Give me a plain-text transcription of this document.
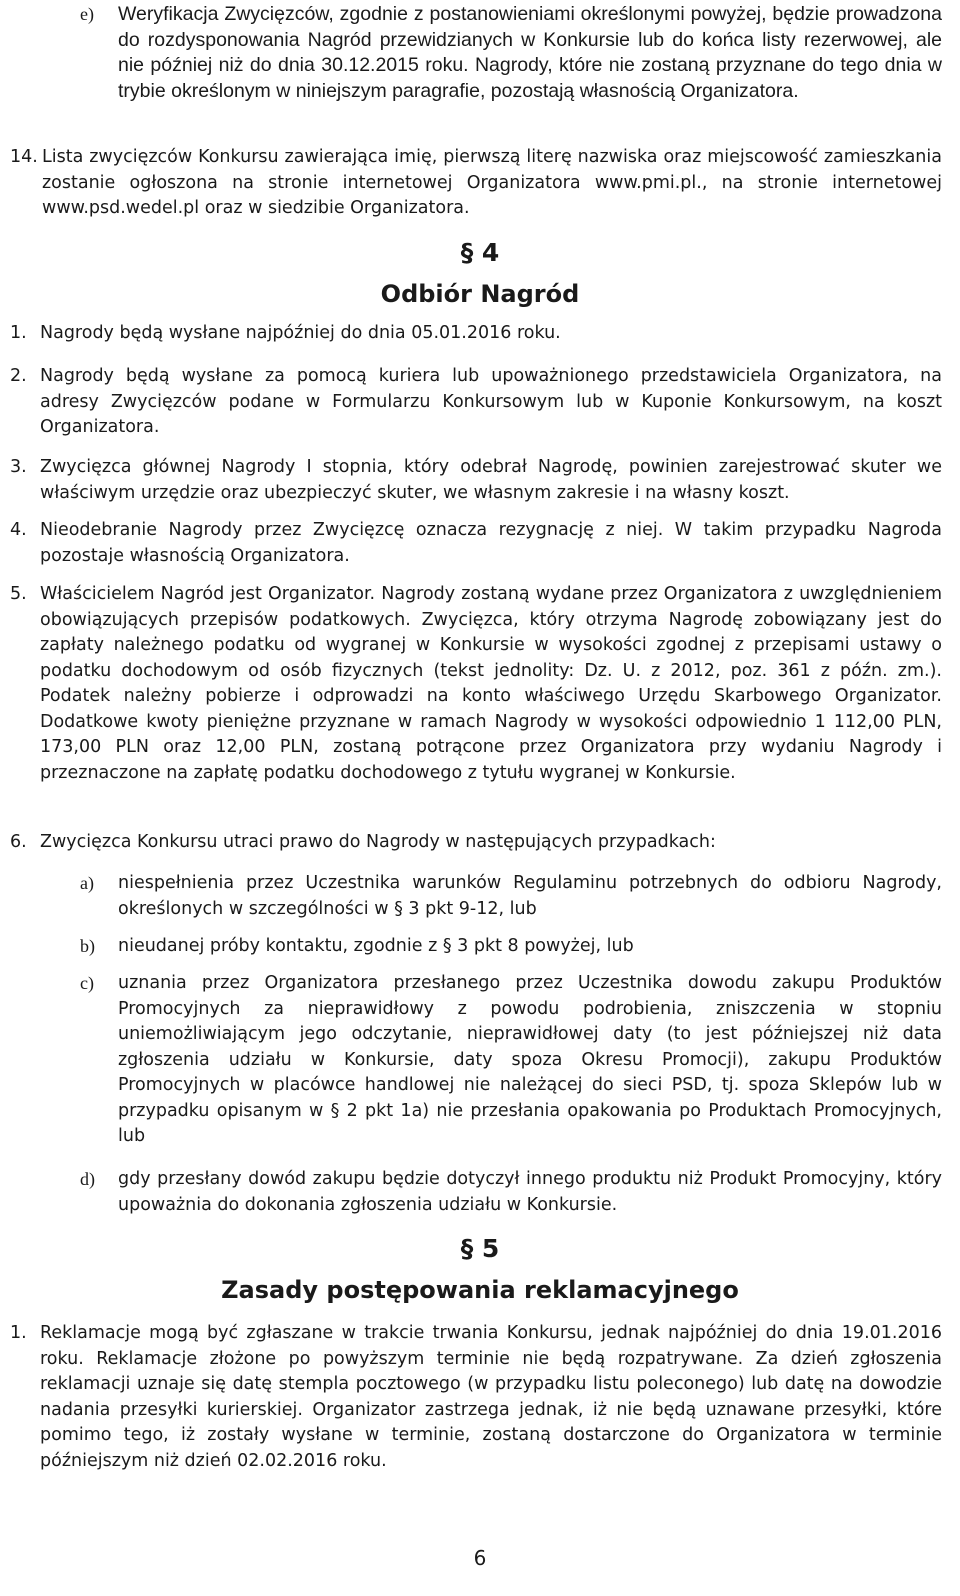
e) Weryfikacja Zwycięzców, zgodnie z postanowieniami określonymi powyżej, będzie prowadzona do rozdysponowania Nagród przewidzianych w Konkursie lub do końca listy rezerwowej, ale nie później niż do dnia 30.12.2015 roku. Nagrody, które nie zostaną przyznane do tego dnia w trybie określonym w niniejszym paragrafie, pozostają własnością Organizatora.

14. Lista zwycięzców Konkursu zawierająca imię, pierwszą literę nazwiska oraz miejscowość zamieszkania zostanie ogłoszona na stronie internetowej Organizatora www.pmi.pl., na stronie internetowej www.psd.wedel.pl oraz w siedzibie Organizatora.

§ 4
Odbiór Nagród
1. Nagrody będą wysłane najpóźniej do dnia 05.01.2016 roku.

2. Nagrody będą wysłane za pomocą kuriera lub upoważnionego przedstawiciela Organizatora, na adresy Zwycięzców podane w Formularzu Konkursowym lub w Kuponie Konkursowym, na koszt Organizatora.

3. Zwycięzca głównej Nagrody I stopnia, który odebrał Nagrodę, powinien zarejestrować skuter we właściwym urzędzie oraz ubezpieczyć skuter, we własnym zakresie i na własny koszt.

4. Nieodebranie Nagrody przez Zwycięzcę oznacza rezygnację z niej. W takim przypadku Nagroda pozostaje własnością Organizatora.

5. Właścicielem Nagród jest Organizator. Nagrody zostaną wydane przez Organizatora z uwzględnieniem obowiązujących przepisów podatkowych. Zwycięzca, który otrzyma Nagrodę zobowiązany jest do zapłaty należnego podatku od wygranej w Konkursie w wysokości zgodnej z przepisami ustawy o podatku dochodowym od osób fizycznych (tekst jednolity: Dz. U. z 2012, poz. 361 z późn. zm.). Podatek należny pobierze i odprowadzi na konto właściwego Urzędu Skarbowego Organizator. Dodatkowe kwoty pieniężne przyznane w ramach Nagrody w wysokości odpowiednio 1 112,00 PLN, 173,00 PLN oraz 12,00 PLN, zostaną potrącone przez Organizatora przy wydaniu Nagrody i przeznaczone na zapłatę podatku dochodowego z tytułu wygranej w Konkursie.

6. Zwycięzca Konkursu utraci prawo do Nagrody w następujących przypadkach:

a) niespełnienia przez Uczestnika warunków Regulaminu potrzebnych do odbioru Nagrody, określonych w szczególności w § 3 pkt 9-12, lub

b) nieudanej próby kontaktu, zgodnie z § 3 pkt 8 powyżej, lub

c) uznania przez Organizatora przesłanego przez Uczestnika dowodu zakupu Produktów Promocyjnych za nieprawidłowy z powodu podrobienia, zniszczenia w stopniu uniemożliwiającym jego odczytanie, nieprawidłowej daty (to jest późniejszej niż data zgłoszenia udziału w Konkursie, daty spoza Okresu Promocji), zakupu Produktów Promocyjnych w placówce handlowej nie należącej do sieci PSD, tj. spoza Sklepów lub w przypadku opisanym w § 2 pkt 1a) nie przesłania opakowania po Produktach Promocyjnych, lub

d) gdy przesłany dowód zakupu będzie dotyczył innego produktu niż Produkt Promocyjny, który upoważnia do dokonania zgłoszenia udziału w Konkursie.

§ 5
Zasady postępowania reklamacyjnego
1. Reklamacje mogą być zgłaszane w trakcie trwania Konkursu, jednak najpóźniej do dnia 19.01.2016 roku. Reklamacje złożone po powyższym terminie nie będą rozpatrywane. Za dzień zgłoszenia reklamacji uznaje się datę stempla pocztowego (w przypadku listu poleconego) lub datę na dowodzie nadania przesyłki kurierskiej. Organizator zastrzega jednak, iż nie będą uznawane przesyłki, które pomimo tego, iż zostały wysłane w terminie, zostaną dostarczone do Organizatora w terminie późniejszym niż dzień 02.02.2016 roku.

6
